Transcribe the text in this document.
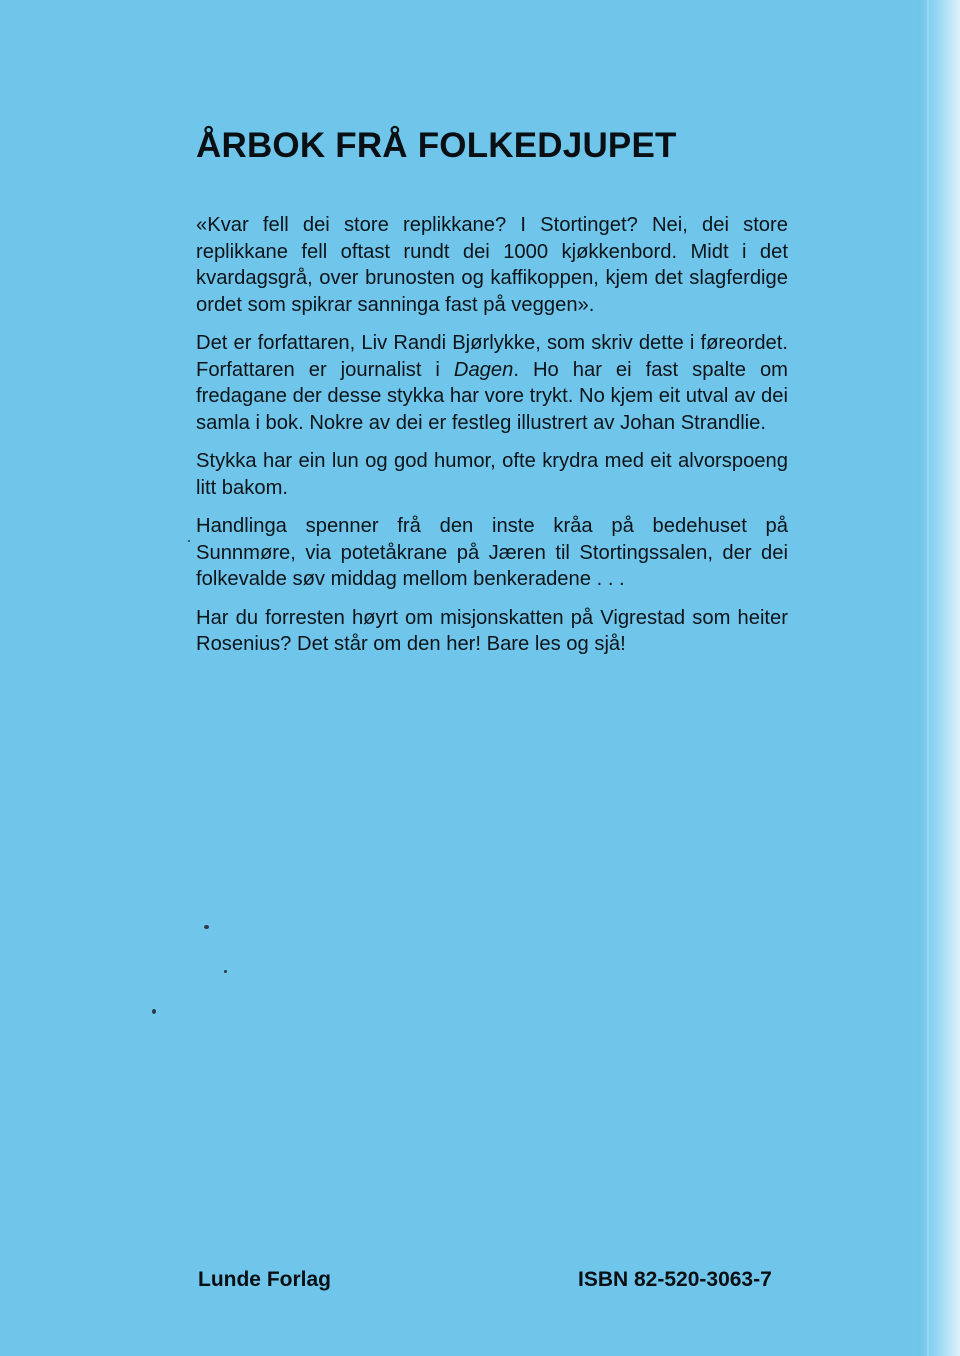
ÅRBOK FRÅ FOLKEDJUPET

«Kvar fell dei store replikkane? I Stortinget? Nei, dei store replikkane fell oftast rundt dei 1000 kjøkkenbord. Midt i det kvardagsgrå, over brunosten og kaffikoppen, kjem det slagferdige ordet som spikrar sanninga fast på veggen».

Det er forfattaren, Liv Randi Bjørlykke, som skriv dette i føreordet. Forfattaren er journalist i Dagen. Ho har ei fast spalte om fredagane der desse stykka har vore trykt. No kjem eit utval av dei samla i bok. Nokre av dei er festleg illustrert av Johan Strandlie.

Stykka har ein lun og god humor, ofte krydra med eit alvorspoeng litt bakom.

Handlinga spenner frå den inste kråa på bedehuset på Sunnmøre, via potetåkrane på Jæren til Stortingssalen, der dei folkevalde søv middag mellom benkeradene . . .

Har du forresten høyrt om misjonskatten på Vigrestad som heiter Rosenius? Det står om den her! Bare les og sjå!

Lunde Forlag	ISBN 82-520-3063-7
